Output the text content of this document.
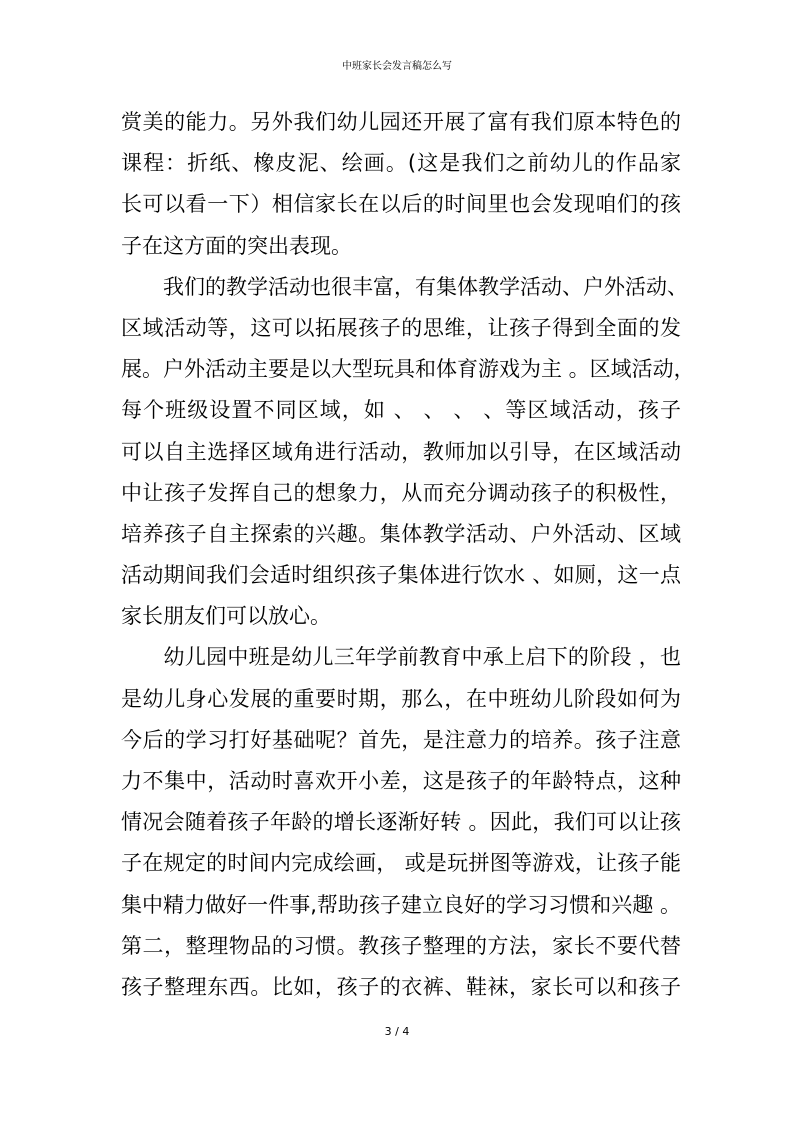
中班家长会发言稿怎么写
赏美的能力。另外我们幼儿园还开展了富有我们原本特色的
课程：折纸、橡皮泥、绘画。(这是我们之前幼儿的作品家
长可以看一下）相信家长在以后的时间里也会发现咱们的孩
子在这方面的突出表现。
　　我们的教学活动也很丰富，有集体教学活动、户外活动、
区域活动等，这可以拓展孩子的思维，让孩子得到全面的发
展。户外活动主要是以大型玩具和体育游戏为主 。区域活动，
每个班级设置不同区域，如 、 、 、 、等区域活动，孩子
可以自主选择区域角进行活动，教师加以引导，在区域活动
中让孩子发挥自己的想象力，从而充分调动孩子的积极性，
培养孩子自主探索的兴趣。集体教学活动、户外活动、区域
活动期间我们会适时组织孩子集体进行饮水 、如厕，这一点
家长朋友们可以放心。
　　幼儿园中班是幼儿三年学前教育中承上启下的阶段 ，也
是幼儿身心发展的重要时期，那么，在中班幼儿阶段如何为
今后的学习打好基础呢？首先，是注意力的培养。孩子注意
力不集中，活动时喜欢开小差，这是孩子的年龄特点，这种
情况会随着孩子年龄的增长逐渐好转 。因此，我们可以让孩
子在规定的时间内完成绘画， 或是玩拼图等游戏，让孩子能
集中精力做好一件事,帮助孩子建立良好的学习习惯和兴趣 。
第二，整理物品的习惯。教孩子整理的方法，家长不要代替
孩子整理东西。比如，孩子的衣裤、鞋袜，家长可以和孩子
3 / 4
